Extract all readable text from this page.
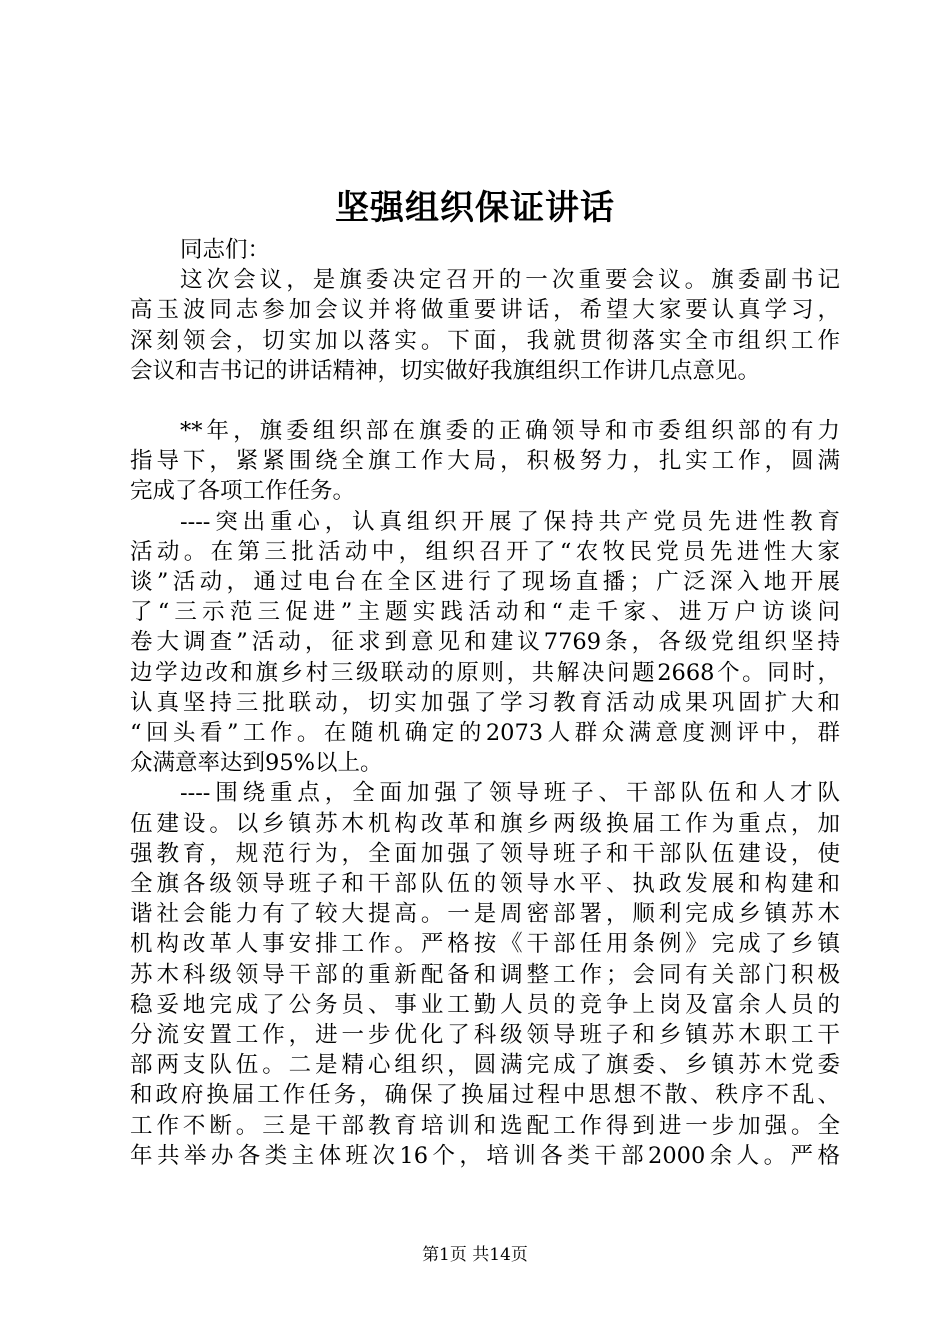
坚强组织保证讲话
同志们：
这次会议，是旗委决定召开的一次重要会议。旗委副书记
高玉波同志参加会议并将做重要讲话，希望大家要认真学习，
深刻领会，切实加以落实。下面，我就贯彻落实全市组织工作
会议和吉书记的讲话精神，切实做好我旗组织工作讲几点意见。
**年，旗委组织部在旗委的正确领导和市委组织部的有力
指导下，紧紧围绕全旗工作大局，积极努力，扎实工作，圆满
完成了各项工作任务。
----突出重心，认真组织开展了保持共产党员先进性教育
活动。在第三批活动中，组织召开了“农牧民党员先进性大家
谈”活动，通过电台在全区进行了现场直播；广泛深入地开展
了“三示范三促进”主题实践活动和“走千家、进万户访谈问
卷大调查”活动，征求到意见和建议7769条，各级党组织坚持
边学边改和旗乡村三级联动的原则，共解决问题2668个。同时，
认真坚持三批联动，切实加强了学习教育活动成果巩固扩大和
“回头看”工作。在随机确定的2073人群众满意度测评中，群
众满意率达到95%以上。
----围绕重点，全面加强了领导班子、干部队伍和人才队
伍建设。以乡镇苏木机构改革和旗乡两级换届工作为重点，加
强教育，规范行为，全面加强了领导班子和干部队伍建设，使
全旗各级领导班子和干部队伍的领导水平、执政发展和构建和
谐社会能力有了较大提高。一是周密部署，顺利完成乡镇苏木
机构改革人事安排工作。严格按《干部任用条例》完成了乡镇
苏木科级领导干部的重新配备和调整工作；会同有关部门积极
稳妥地完成了公务员、事业工勤人员的竞争上岗及富余人员的
分流安置工作，进一步优化了科级领导班子和乡镇苏木职工干
部两支队伍。二是精心组织，圆满完成了旗委、乡镇苏木党委
和政府换届工作任务，确保了换届过程中思想不散、秩序不乱、
工作不断。三是干部教育培训和选配工作得到进一步加强。全
年共举办各类主体班次16个，培训各类干部2000余人。严格
第1页 共14页
